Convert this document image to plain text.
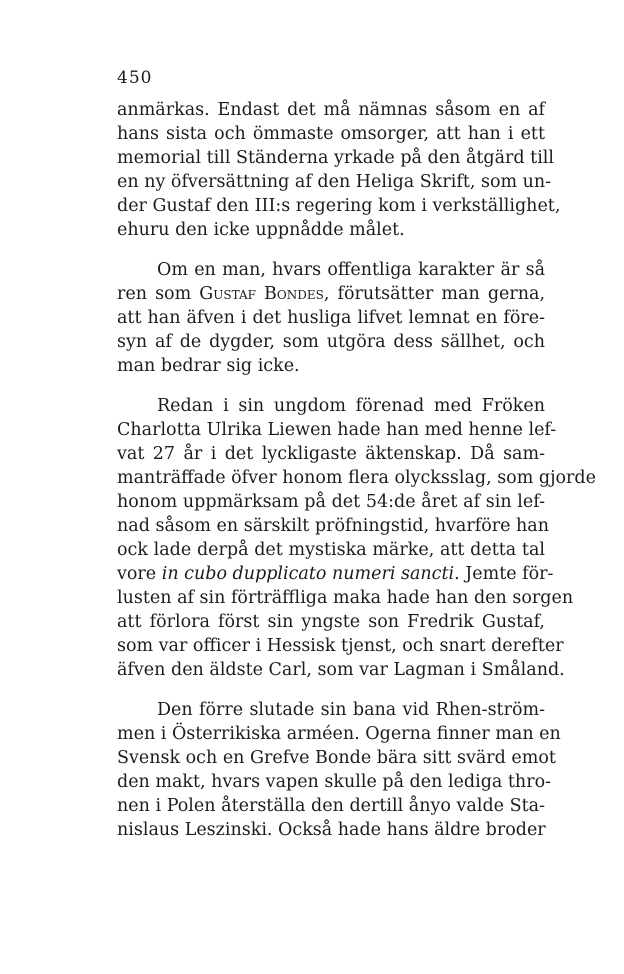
450
anmärkas. Endast det må nämnas såsom en af
hans sista och ömmaste omsorger, att han i ett
memorial till Ständerna yrkade på den åtgärd till
en ny öfversättning af den Heliga Skrift, som un-
der Gustaf den III:s regering kom i verkställighet,
ehuru den icke uppnådde målet.
Om en man, hvars offentliga karakter är så
ren som Gustaf Bondes, förutsätter man gerna,
att han äfven i det husliga lifvet lemnat en före-
syn af de dygder, som utgöra dess sällhet, och
man bedrar sig icke.
Redan i sin ungdom förenad med Fröken
Charlotta Ulrika Liewen hade han med henne lef-
vat 27 år i det lyckligaste äktenskap. Då sam-
manträffade öfver honom flera olycksslag, som gjorde
honom uppmärksam på det 54:de året af sin lef-
nad såsom en särskilt pröfningstid, hvarföre han
ock lade derpå det mystiska märke, att detta tal
vore in cubo dupplicato numeri sancti. Jemte för-
lusten af sin förträffliga maka hade han den sorgen
att förlora först sin yngste son Fredrik Gustaf,
som var officer i Hessisk tjenst, och snart derefter
äfven den äldste Carl, som var Lagman i Småland.
Den förre slutade sin bana vid Rhen-ström-
men i Österrikiska arméen. Ogerna finner man en
Svensk och en Grefve Bonde bära sitt svärd emot
den makt, hvars vapen skulle på den lediga thro-
nen i Polen återställa den dertill ånyo valde Sta-
nislaus Leszinski. Också hade hans äldre broder
